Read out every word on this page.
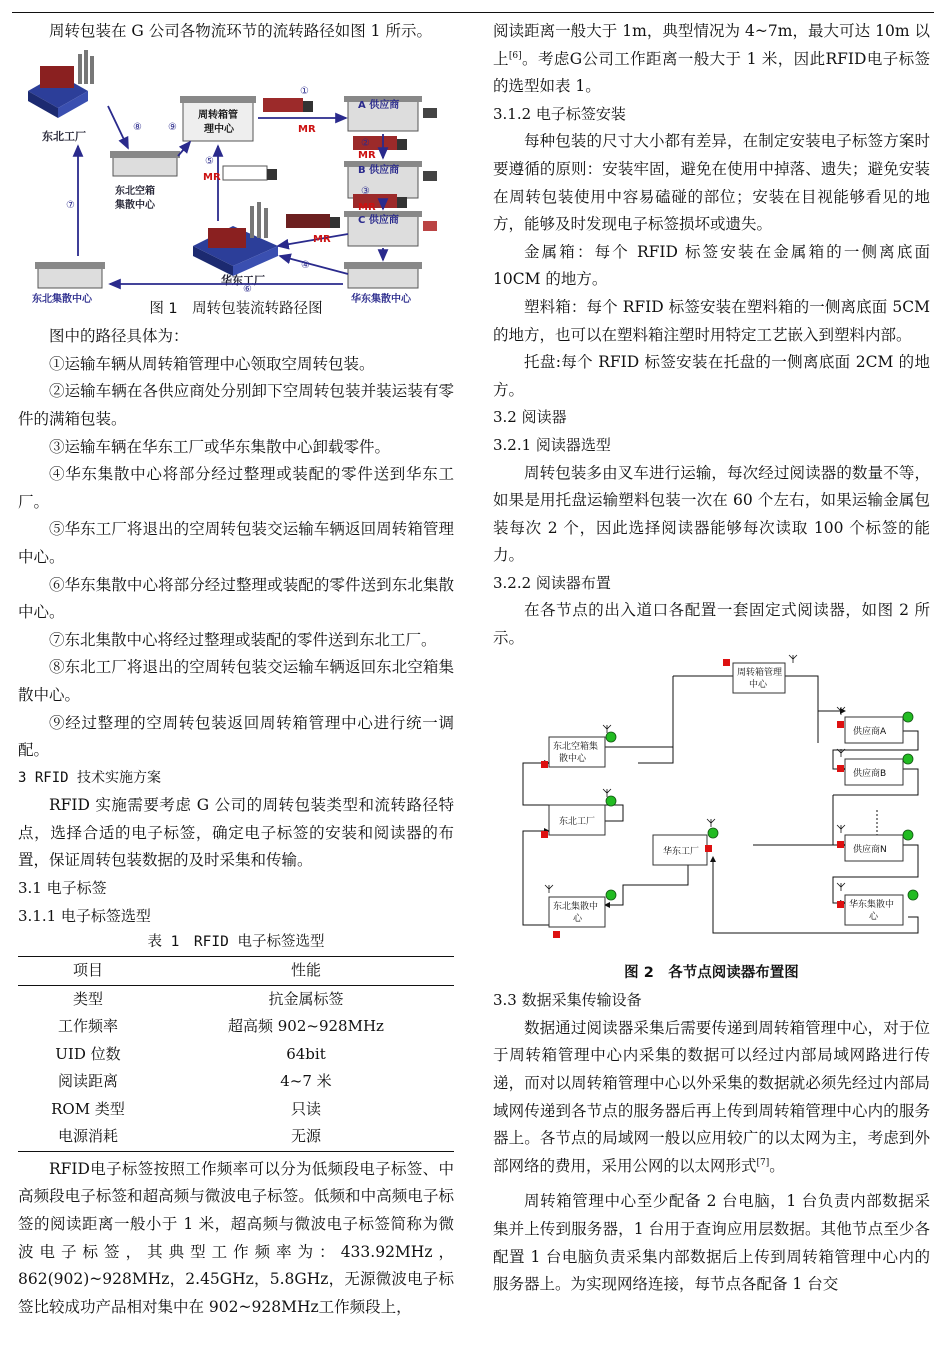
周转包装在 G 公司各物流环节的流转路径如图 1 所示。

东北工厂
华东工厂
东北空箱
集散中心
周转箱管
理中心
A 供应商
B 供应商
C 供应商
东北集散中心	华东集散中心
MR
MR
MR
MR
MR
①
②
③
④
⑤
⑥
⑦
⑧	⑨

图 1　周转包装流转路径图

图中的路径具体为：

①运输车辆从周转箱管理中心领取空周转包装。

②运输车辆在各供应商处分别卸下空周转包装并装运装有零件的满箱包装。

③运输车辆在华东工厂或华东集散中心卸载零件。

④华东集散中心将部分经过整理或装配的零件送到华东工厂。

⑤华东工厂将退出的空周转包装交运输车辆返回周转箱管理中心。

⑥华东集散中心将部分经过整理或装配的零件送到东北集散中心。

⑦东北集散中心将经过整理或装配的零件送到东北工厂。

⑧东北工厂将退出的空周转包装交运输车辆返回东北空箱集散中心。

⑨经过整理的空周转包装返回周转箱管理中心进行统一调配。

3 RFID 技术实施方案

RFID 实施需要考虑 G 公司的周转包装类型和流转路径特点，选择合适的电子标签，确定电子标签的安装和阅读器的布置，保证周转包装数据的及时采集和传输。

3.1 电子标签

3.1.1 电子标签选型

表 1　RFID 电子标签选型

项目	性能
类型	抗金属标签
工作频率	超高频 902~928MHz
UID 位数	64bit
阅读距离	4~7 米
ROM 类型	只读
电源消耗	无源

RFID电子标签按照工作频率可以分为低频段电子标签、中高频段电子标签和超高频与微波电子标签。低频和中高频电子标签的阅读距离一般小于 1 米，超高频与微波电子标签简称为微波电子标签，其典型工作频率为：433.92MHz，862(902)~928MHz，2.45GHz，5.8GHz，无源微波电子标签比较成功产品相对集中在 902~928MHz工作频段上，

阅读距离一般大于 1m，典型情况为 4~7m，最大可达 10m 以上[6]。考虑G公司工作距离一般大于 1 米，因此RFID电子标签的选型如表 1。

3.1.2 电子标签安装

每种包装的尺寸大小都有差异，在制定安装电子标签方案时要遵循的原则：安装牢固，避免在使用中掉落、遗失；避免安装在周转包装使用中容易磕碰的部位；安装在目视能够看见的地方，能够及时发现电子标签损坏或遗失。

金属箱：每个 RFID 标签安装在金属箱的一侧离底面 10CM 的地方。

塑料箱：每个 RFID 标签安装在塑料箱的一侧离底面 5CM 的地方，也可以在塑料箱注塑时用特定工艺嵌入到塑料内部。

托盘:每个 RFID 标签安装在托盘的一侧离底面 2CM 的地方。

3.2 阅读器

3.2.1 阅读器选型

周转包装多由叉车进行运输，每次经过阅读器的数量不等，如果是用托盘运输塑料包装一次在 60 个左右，如果运输金属包装每次 2 个，因此选择阅读器能够每次读取 100 个标签的能力。

3.2.2 阅读器布置

在各节点的出入道口各配置一套固定式阅读器，如图 2 所示。

周转箱管理
中心
东北空箱集
散中心
东北工厂
华东工厂
东北集散中
心
供应商A
供应商B
供应商N
华东集散中
心

图 2　各节点阅读器布置图

3.3 数据采集传输设备

数据通过阅读器采集后需要传递到周转箱管理中心，对于位于周转箱管理中心内采集的数据可以经过内部局域网路进行传递，而对以周转箱管理中心以外采集的数据就必须先经过内部局域网传递到各节点的服务器后再上传到周转箱管理中心内的服务器上。各节点的局域网一般以应用较广的以太网为主，考虑到外部网络的费用，采用公网的以太网形式[7]。

周转箱管理中心至少配备 2 台电脑，1 台负责内部数据采集并上传到服务器，1 台用于查询应用层数据。其他节点至少各配置 1 台电脑负责采集内部数据后上传到周转箱管理中心内的服务器上。为实现网络连接，每节点各配备 1 台交
